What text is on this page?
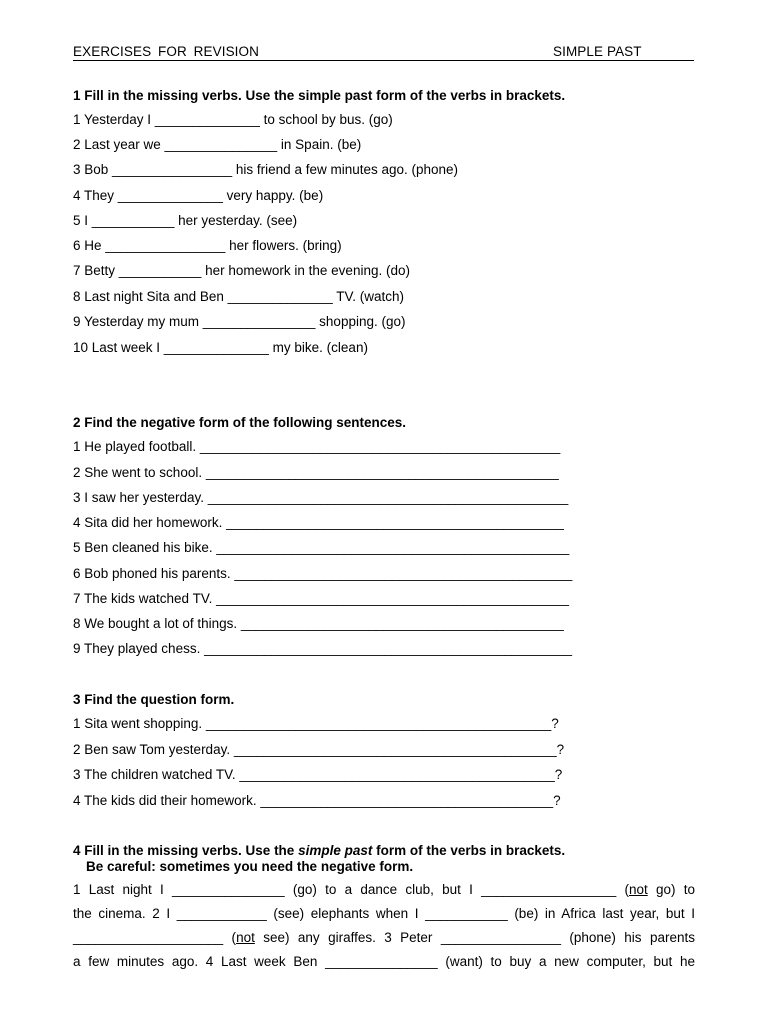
EXERCISES FOR REVISION	SIMPLE PAST
1 Fill in the missing verbs. Use the simple past form of the verbs in brackets.
1 Yesterday I ______________ to school by bus. (go)
2 Last year we _______________ in Spain. (be)
3 Bob ________________ his friend a few minutes ago. (phone)
4 They ______________ very happy. (be)
5 I ___________ her yesterday. (see)
6 He ________________ her flowers. (bring)
7 Betty ___________ her homework in the evening. (do)
8 Last night Sita and Ben ______________ TV. (watch)
9 Yesterday my mum _______________ shopping. (go)
10 Last week I ______________ my bike. (clean)
2 Find the negative form of the following sentences.
1 He played football. ________________________________________________
2 She went to school. _______________________________________________
3 I saw her yesterday. ________________________________________________
4 Sita did her homework. _____________________________________________
5 Ben cleaned his bike. _______________________________________________
6 Bob phoned his parents. _____________________________________________
7 The kids watched TV. _______________________________________________
8 We bought a lot of things. ___________________________________________
9 They played chess. _________________________________________________
3 Find the question form.
1 Sita went shopping. ______________________________________________?
2 Ben saw Tom yesterday. ___________________________________________?
3 The children watched TV. __________________________________________?
4 The kids did their homework. _______________________________________?
4 Fill in the missing verbs. Use the simple past form of the verbs in brackets.
Be careful: sometimes you need the negative form.
1 Last night I _______________ (go) to a dance club, but I __________________ (not go) to
the cinema. 2 I ____________ (see) elephants when I ___________ (be) in Africa last year, but I
____________________ (not see) any giraffes. 3 Peter ________________ (phone) his parents
a few minutes ago. 4 Last week Ben _______________ (want) to buy a new computer, but he
